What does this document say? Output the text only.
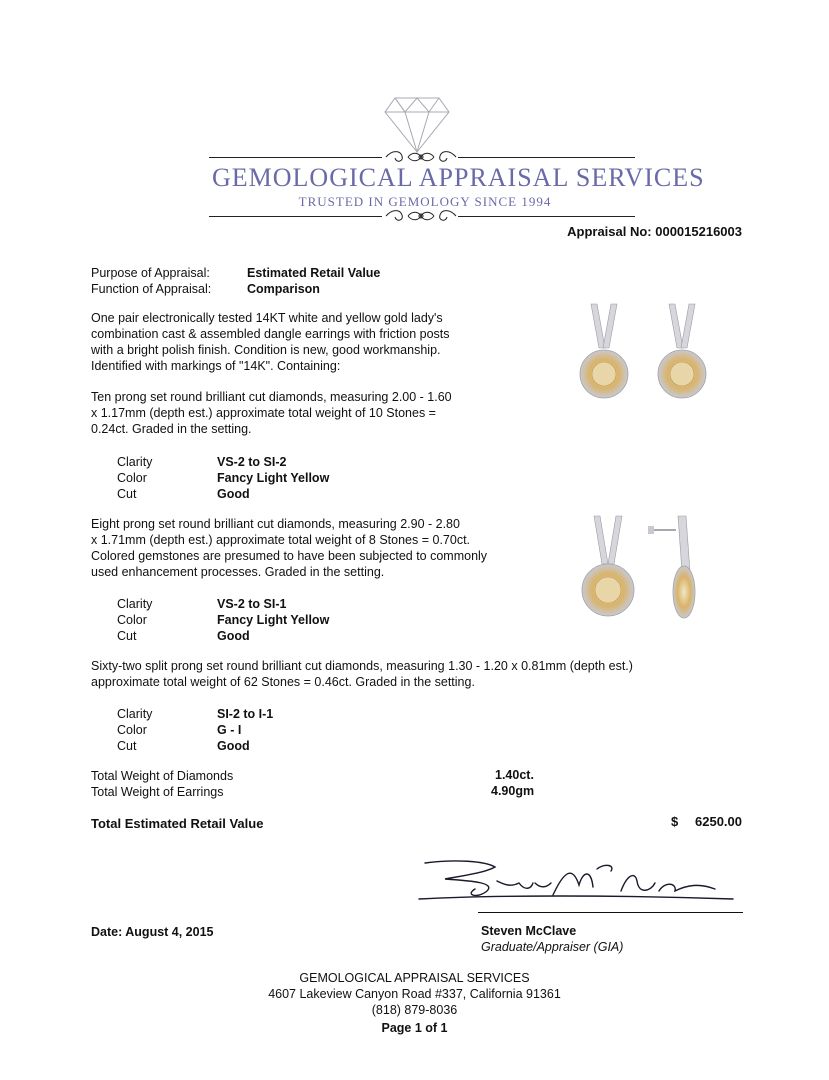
GEMOLOGICAL APPRAISAL SERVICES
TRUSTED IN GEMOLOGY SINCE 1994
Appraisal No: 000015216003
Purpose of Appraisal:	Estimated Retail Value
Function of Appraisal:	Comparison
One pair electronically tested 14KT white and yellow gold lady's
combination cast & assembled dangle earrings with friction posts
with a bright polish finish. Condition is new, good workmanship.
Identified with markings of "14K". Containing:
Ten prong set round brilliant cut diamonds, measuring 2.00 - 1.60
x 1.17mm (depth est.) approximate total weight of 10 Stones =
0.24ct. Graded in the setting.
Clarity	VS-2 to SI-2
Color	Fancy Light Yellow
Cut	Good
Eight prong set round brilliant cut diamonds, measuring 2.90 - 2.80
x 1.71mm (depth est.) approximate total weight of 8 Stones = 0.70ct.
Colored gemstones are presumed to have been subjected to commonly
used enhancement processes. Graded in the setting.
Clarity	VS-2 to SI-1
Color	Fancy Light Yellow
Cut	Good
Sixty-two split prong set round brilliant cut diamonds, measuring 1.30 - 1.20 x 0.81mm (depth est.)
approximate total weight of 62 Stones = 0.46ct. Graded in the setting.
Clarity	SI-2 to I-1
Color	G - I
Cut	Good
Total Weight of Diamonds	1.40ct.
Total Weight of Earrings	4.90gm
Total Estimated Retail Value	$ 6250.00
Date: August 4, 2015	Steven McClave
Graduate/Appraiser (GIA)
GEMOLOGICAL APPRAISAL SERVICES
4607 Lakeview Canyon Road #337, California 91361
(818) 879-8036
Page 1 of 1
